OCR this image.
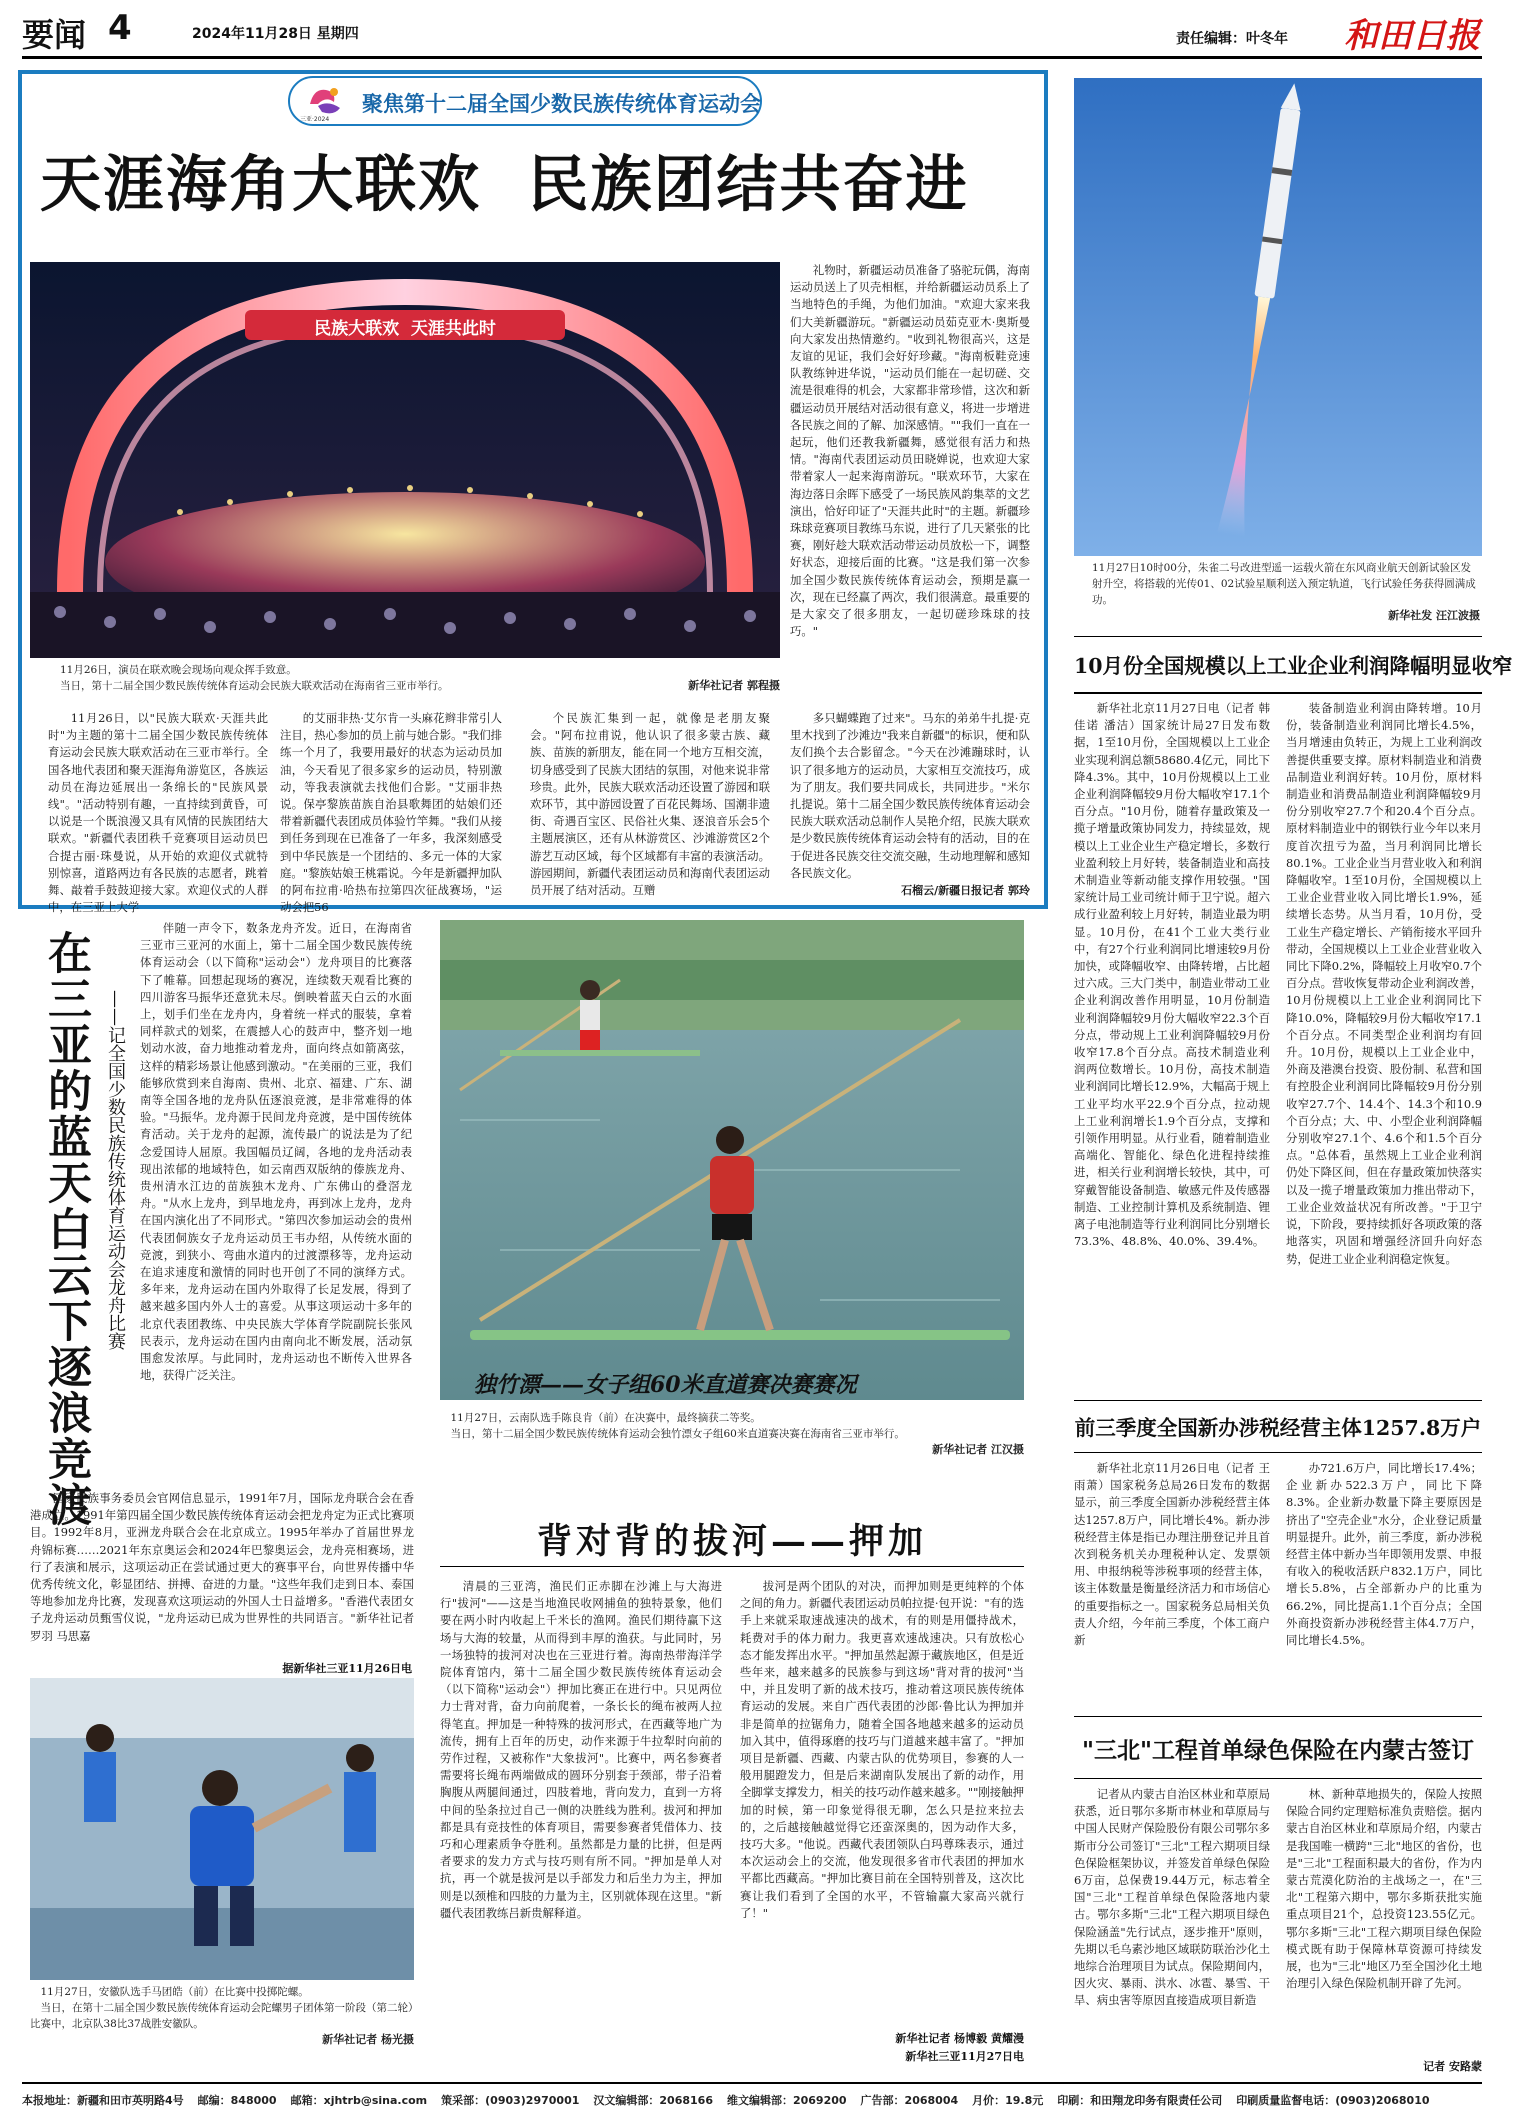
要闻 4	2024年11月28日 星期四	责任编辑：叶冬年 和田日报
三亚·2024
聚焦第十二届全国少数民族传统体育运动会
天涯海角大联欢  民族团结共奋进
民族大联欢  天涯共此时
11月26日，演员在联欢晚会现场向观众挥手致意。
当日，第十二届全国少数民族传统体育运动会民族大联欢活动在海南省三亚市举行。	新华社记者 郭程摄

礼物时，新疆运动员准备了骆驼玩偶，海南运动员送上了贝壳相框，并给新疆运动员系上了当地特色的手绳，为他们加油。"欢迎大家来我们大美新疆游玩。"新疆运动员茹克亚木·奥斯曼向大家发出热情邀约。"收到礼物很高兴，这是友谊的见证，我们会好好珍藏。"海南板鞋竞速队教练钟进华说，"运动员们能在一起切磋、交流是很难得的机会，大家都非常珍惜，这次和新疆运动员开展结对活动很有意义，将进一步增进各民族之间的了解、加深感情。""我们一直在一起玩，他们还教我新疆舞，感觉很有活力和热情。"海南代表团运动员田晓婵说，也欢迎大家带着家人一起来海南游玩。"联欢环节，大家在海边落日余晖下感受了一场民族风韵集萃的文艺演出，恰好印证了"天涯共此时"的主题。新疆珍珠球竞赛项目教练马东说，进行了几天紧张的比赛，刚好趁大联欢活动带运动员放松一下，调整好状态，迎接后面的比赛。"这是我们第一次参加全国少数民族传统体育运动会，预期是赢一次，现在已经赢了两次，我们很满意。最重要的是大家交了很多朋友，一起切磋珍珠球的技巧。"

11月26日，以"民族大联欢·天涯共此时"为主题的第十二届全国少数民族传统体育运动会民族大联欢活动在三亚市举行。全国各地代表团和聚天涯海角游览区，各族运动员在海边延展出一条绵长的"民族风景线"。"活动特别有趣，一直持续到黄昏，可以说是一个既浪漫又具有风情的民族团结大联欢。"新疆代表团秩千竞赛项目运动员巴合提古丽·珠曼说，从开始的欢迎仪式就特别惊喜，道路两边有各民族的志愿者，跳着舞、敲着手鼓鼓迎接大家。欢迎仪式的人群中，在三亚上大学

的艾丽非热·艾尔肯一头麻花辫非常引人注目，热心参加的员上前与她合影。"我们排练一个月了，我要用最好的状态为运动员加油，今天看见了很多家乡的运动员，特别激动，等我表演就去找他们合影。"艾丽非热说。保亭黎族苗族自治县歌舞团的姑娘们还带着新疆代表团成员体验竹竿舞。"我们从接到任务到现在已准备了一年多，我深刻感受到中华民族是一个团结的、多元一体的大家庭。"黎族姑娘王桃霜说。今年是新疆押加队的阿布拉甫·哈热布拉第四次征战赛场，"运动会把56

个民族汇集到一起，就像是老朋友聚会。"阿布拉甫说，他认识了很多蒙古族、藏族、苗族的新朋友，能在同一个地方互相交流，切身感受到了民族大团结的氛围，对他来说非常珍贵。此外，民族大联欢活动还设置了游园和联欢环节，其中游园设置了百花民舞场、国潮非遗街、奇遇百宝区、民俗社火集、逐浪音乐会5个主题展演区，还有从林游赏区、沙滩游赏区2个游艺互动区域，每个区域都有丰富的表演活动。游园期间，新疆代表团运动员和海南代表团运动员开展了结对活动。互赠

多只蝴蝶跑了过来"。马东的弟弟牛扎提·克里木找到了沙滩边"我来自新疆"的标识，便和队友们换个去合影留念。"今天在沙滩蹦球时，认识了很多地方的运动员，大家相互交流技巧，成为了朋友。我们要共同成长，共同进步。"米尔扎提说。第十二届全国少数民族传统体育运动会民族大联欢活动总制作人吴艳介绍，民族大联欢是少数民族传统体育运动会特有的活动，目的在于促进各民族交往交流交融，生动地理解和感知各民族文化。

石榴云/新疆日报记者 郭玲
11月27日10时00分，朱雀二号改进型遥一运载火箭在东风商业航天创新试验区发射升空，将搭载的光传01、02试验星顺利送入预定轨道，飞行试验任务获得圆满成功。
新华社发 汪江波摄
10月份全国规模以上工业企业利润降幅明显收窄

新华社北京11月27日电（记者 韩佳诺 潘洁）国家统计局27日发布数据，1至10月份，全国规模以上工业企业实现利润总额58680.4亿元，同比下降4.3%。其中，10月份规模以上工业企业利润降幅较9月份大幅收窄17.1个百分点。"10月份，随着存量政策及一揽子增量政策协同发力，持续显效，规模以上工业企业生产稳定增长，多数行业盈利较上月好转，装备制造业和高技术制造业等新动能支撑作用较强。"国家统计局工业司统计师于卫宁说。超六成行业盈利较上月好转，制造业最为明显。10月份，在41个工业大类行业中，有27个行业利润同比增速较9月份加快，或降幅收窄、由降转增，占比超过六成。三大门类中，制造业带动工业企业利润改善作用明显，10月份制造业利润降幅较9月份大幅收窄22.3个百分点，带动规上工业利润降幅较9月份收窄17.8个百分点。高技术制造业利润两位数增长。10月份，高技术制造业利润同比增长12.9%，大幅高于规上工业平均水平22.9个百分点，拉动规上工业利润增长1.9个百分点，支撑和引领作用明显。从行业看，随着制造业高端化、智能化、绿色化进程持续推进，相关行业利润增长较快，其中，可穿戴智能设备制造、敏感元件及传感器制造、工业控制计算机及系统制造、锂离子电池制造等行业利润同比分别增长73.3%、48.8%、40.0%、39.4%。

装备制造业利润由降转增。10月份，装备制造业利润同比增长4.5%，当月增速由负转正，为规上工业利润改善提供重要支撑。原材料制造业和消费品制造业利润好转。10月份，原材料制造业和消费品制造业利润降幅较9月份分别收窄27.7个和20.4个百分点。原材料制造业中的钢铁行业今年以来月度首次扭亏为盈，当月利润同比增长80.1%。工业企业当月营业收入和利润降幅收窄。1至10月份，全国规模以上工业企业营业收入同比增长1.9%，延续增长态势。从当月看，10月份，受工业生产稳定增长、产销衔接水平回升带动，全国规模以上工业企业营业收入同比下降0.2%，降幅较上月收窄0.7个百分点。营收恢复带动企业利润改善，10月份规模以上工业企业利润同比下降10.0%，降幅较9月份大幅收窄17.1个百分点。不同类型企业利润均有回升。10月份，规模以上工业企业中，外商及港澳台投资、股份制、私营和国有控股企业利润同比降幅较9月份分别收窄27.7个、14.4个、14.3个和10.9个百分点；大、中、小型企业利润降幅分别收窄27.1个、4.6个和1.5个百分点。"总体看，虽然规上工业企业利润仍处下降区间，但在存量政策加快落实以及一揽子增量政策加力推出带动下，工业企业效益状况有所改善。"于卫宁说，下阶段，要持续抓好各项政策的落地落实，巩固和增强经济回升向好态势，促进工业企业利润稳定恢复。

在三亚的蓝天白云下逐浪竞渡 ——记全国少数民族传统体育运动会龙舟比赛

伴随一声令下，数条龙舟齐发。近日，在海南省三亚市三亚河的水面上，第十二届全国少数民族传统体育运动会（以下简称"运动会"）龙舟项目的比赛落下了帷幕。回想起现场的赛况，连续数天观看比赛的四川游客马振华还意犹未尽。倒映着蓝天白云的水面上，划手们坐在龙舟内，身着统一样式的服装，拿着同样款式的划桨，在震撼人心的鼓声中，整齐划一地划动水波，奋力地推动着龙舟，面向终点如箭离弦，这样的精彩场景让他感到激动。"在美丽的三亚，我们能够欣赏到来自海南、贵州、北京、福建、广东、湖南等全国各地的龙舟队伍逐浪竞渡，是非常难得的体验。"马振华。龙舟源于民间龙舟竞渡，是中国传统体育活动。关于龙舟的起源，流传最广的说法是为了纪念爱国诗人屈原。我国幅员辽阔，各地的龙舟活动表现出浓郁的地域特色，如云南西双版纳的傣族龙舟、贵州清水江边的苗族独木龙舟、广东佛山的叠滘龙舟。"从水上龙舟，到旱地龙舟，再到冰上龙舟，龙舟在国内演化出了不同形式。"第四次参加运动会的贵州代表团侗族女子龙舟运动员王韦办绍，从传统水面的竞渡，到狭小、弯曲水道内的过渡漂移等，龙舟运动在追求速度和激情的同时也开创了不同的演绎方式。多年来，龙舟运动在国内外取得了长足发展，得到了越来越多国内外人士的喜爱。从事这项运动十多年的北京代表团教练、中央民族大学体育学院副院长张风民表示，龙舟运动在国内由南向北不断发展，活动氛围愈发浓厚。与此同时，龙舟运动也不断传入世界各地，获得广泛关注。

国家民族事务委员会官网信息显示，1991年7月，国际龙舟联合会在香港成立。1991年第四届全国少数民族传统体育运动会把龙舟定为正式比赛项目。1992年8月，亚洲龙舟联合会在北京成立。1995年举办了首届世界龙舟锦标赛……2021年东京奥运会和2024年巴黎奥运会，龙舟亮相赛场，进行了表演和展示，这项运动正在尝试通过更大的赛事平台，向世界传播中华优秀传统文化，彰显团结、拼搏、奋进的力量。"这些年我们走到日本、泰国等地参加龙舟比赛，发现喜欢这项运动的外国人士日益增多。"香港代表团女子龙舟运动员甄雪仪说，"龙舟运动已成为世界性的共同语言。"新华社记者 罗羽 马思嘉

据新华社三亚11月26日电
独竹漂——女子组60米直道赛决赛赛况
11月27日，云南队选手陈良肯（前）在决赛中，最终摘获二等奖。
当日，第十二届全国少数民族传统体育运动会独竹漂女子组60米直道赛决赛在海南省三亚市举行。
新华社记者 江汉摄
背对背的拔河——押加

清晨的三亚湾，渔民们正赤脚在沙滩上与大海进行"拔河"——这是当地渔民收网捕鱼的独特景象，他们要在两小时内收起上千米长的渔网。渔民们期待赢下这场与大海的较量，从而得到丰厚的渔获。与此同时，另一场独特的拔河对决也在三亚进行着。海南热带海洋学院体育馆内，第十二届全国少数民族传统体育运动会（以下简称"运动会"）押加比赛正在进行中。只见两位力士背对背，奋力向前爬着，一条长长的绳布被两人拉得笔直。押加是一种特殊的拔河形式，在西藏等地广为流传，拥有上百年的历史，动作来源于牛拉犁时向前的劳作过程，又被称作"大象拔河"。比赛中，两名参赛者需要将长绳布两端做成的圆环分别套于颈部，带子沿着胸腹从两腿间通过，四肢着地，背向发力，直到一方将中间的坠条拉过自己一侧的决胜线为胜利。拔河和押加都是具有竞技性的体育项目，需要参赛者凭借体力、技巧和心理素质争夺胜利。虽然都是力量的比拼，但是两者要求的发力方式与技巧则有所不同。"押加是单人对抗，再一个就是拔河是以手部发力和后坐力为主，押加则是以颈椎和四肢的力量为主，区别就体现在这里。"新疆代表团教练吕新贵解释道。

拔河是两个团队的对决，而押加则是更纯粹的个体之间的角力。新疆代表团运动员帕拉提·包开说："有的选手上来就采取速战速决的战术，有的则是用僵持战术，耗费对手的体力耐力。我更喜欢速战速决。只有放松心态才能发挥出水平。"押加虽然起源于藏族地区，但是近些年来，越来越多的民族参与到这场"背对背的拔河"当中，并且发明了新的战术技巧，推动着这项民族传统体育运动的发展。来自广西代表团的沙郎·鲁比认为押加并非是简单的拉锯角力，随着全国各地越来越多的运动员加入其中，值得琢磨的技巧与门道越来越丰富了。"押加项目是新疆、西藏、内蒙古队的优势项目，参赛的人一般用腿蹬发力，但是后来湖南队发展出了新的动作，用全脚掌支撑发力，相关的技巧动作越来越多。""刚接触押加的时候，第一印象觉得很无聊，怎么只是拉来拉去的，之后越接触越觉得它还蛮深奥的，因为动作大多，技巧大多。"他说。西藏代表团领队白玛尊珠表示，通过本次运动会上的交流，他发现很多省市代表团的押加水平都比西藏高。"押加比赛目前在全国特别普及，这次比赛让我们看到了全国的水平，不管输赢大家高兴就行了！"

新华社记者 杨博毅 黄耀漫
新华社三亚11月27日电
11月27日，安徽队选手马团皓（前）在比赛中投掷陀螺。
当日，在第十二届全国少数民族传统体育运动会陀螺男子团体第一阶段（第二轮）比赛中，北京队38比37战胜安徽队。
新华社记者 杨光摄
前三季度全国新办涉税经营主体1257.8万户

新华社北京11月26日电（记者 王雨萧）国家税务总局26日发布的数据显示，前三季度全国新办涉税经营主体达1257.8万户，同比增长4%。新办涉税经营主体是指已办理注册登记并且首次到税务机关办理税种认定、发票领用、申报纳税等涉税事项的经营主体，该主体数量是衡量经济活力和市场信心的重要指标之一。国家税务总局相关负责人介绍，今年前三季度，个体工商户新

办721.6万户，同比增长17.4%；企业新办522.3万户，同比下降8.3%。企业新办数量下降主要原因是挤出了"空壳企业"水分，企业登记质量明显提升。此外，前三季度，新办涉税经营主体中新办当年即领用发票、申报有收入的税收活跃户832.1万户，同比增长5.8%，占全部新办户的比重为66.2%，同比提高1.1个百分点；全国外商投资新办涉税经营主体4.7万户，同比增长4.5%。

"三北"工程首单绿色保险在内蒙古签订

记者从内蒙古自治区林业和草原局获悉，近日鄂尔多斯市林业和草原局与中国人民财产保险股份有限公司鄂尔多斯市分公司签订"三北"工程六期项目绿色保险框架协议，并签发首单绿色保险6万亩，总保费19.44万元，标志着全国"三北"工程首单绿色保险落地内蒙古。鄂尔多斯"三北"工程六期项目绿色保险涵盖"先行试点，逐步推开"原则，先期以毛乌素沙地区域联防联治沙化土地综合治理项目为试点。保险期间内，因火灾、暴雨、洪水、冰雹、暴雪、干旱、病虫害等原因直接造成项目新造

林、新种草地损失的，保险人按照保险合同约定理赔标准负责赔偿。据内蒙古自治区林业和草原局介绍，内蒙古是我国唯一横跨"三北"地区的省份，也是"三北"工程面积最大的省份，作为内蒙古荒漠化防治的主战场之一，在"三北"工程第六期中，鄂尔多斯获批实施重点项目21个，总投资123.55亿元。鄂尔多斯"三北"工程六期项目绿色保险模式既有助于保障林草资源可持续发展，也为"三北"地区乃至全国沙化土地治理引入绿色保险机制开辟了先河。

记者 安路蒙
本报地址：新疆和田市英明路4号 邮编：848000 邮箱：xjhtrb@sina.com 策采部：(0903)2970001 汉文编辑部：2068166 维文编辑部：2069200 广告部：2068004 月价：19.8元 印刷：和田翔龙印务有限责任公司 印刷质量监督电话：(0903)2068010
